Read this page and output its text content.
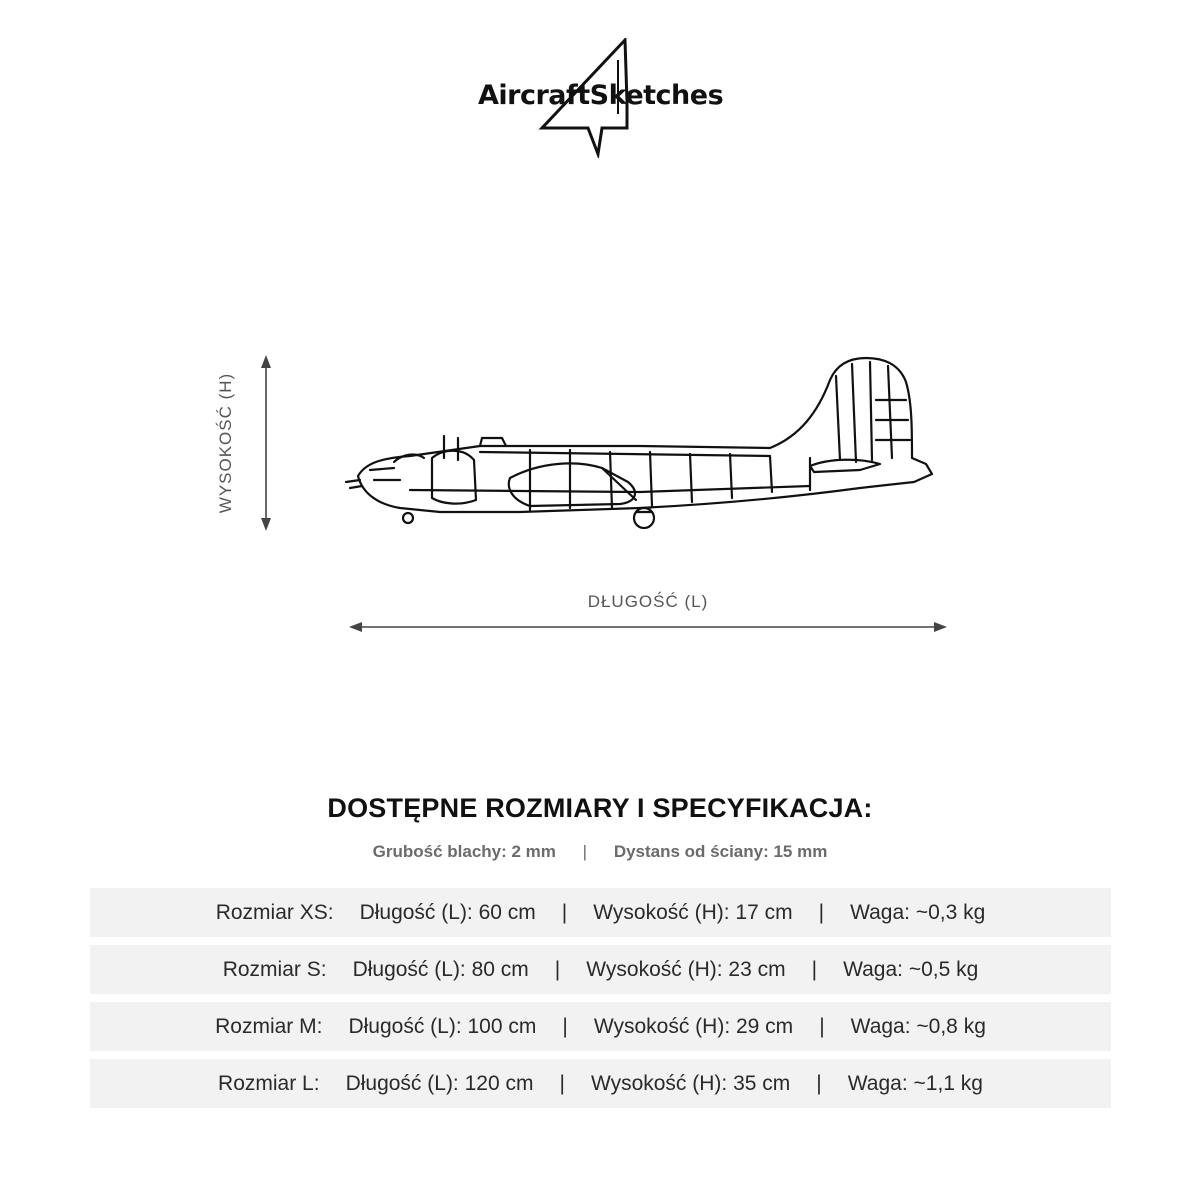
AircraftSketches
WYSOKOŚĆ (H)
DŁUGOŚĆ (L)
DOSTĘPNE ROZMIARY I SPECYFIKACJA:
Grubość blachy: 2 mm | Dystans od ściany: 15 mm
Rozmiar XS: Długość (L): 60 cm | Wysokość (H): 17 cm | Waga: ~0,3 kg
Rozmiar S: Długość (L): 80 cm | Wysokość (H): 23 cm | Waga: ~0,5 kg
Rozmiar M: Długość (L): 100 cm | Wysokość (H): 29 cm | Waga: ~0,8 kg
Rozmiar L: Długość (L): 120 cm | Wysokość (H): 35 cm | Waga: ~1,1 kg
